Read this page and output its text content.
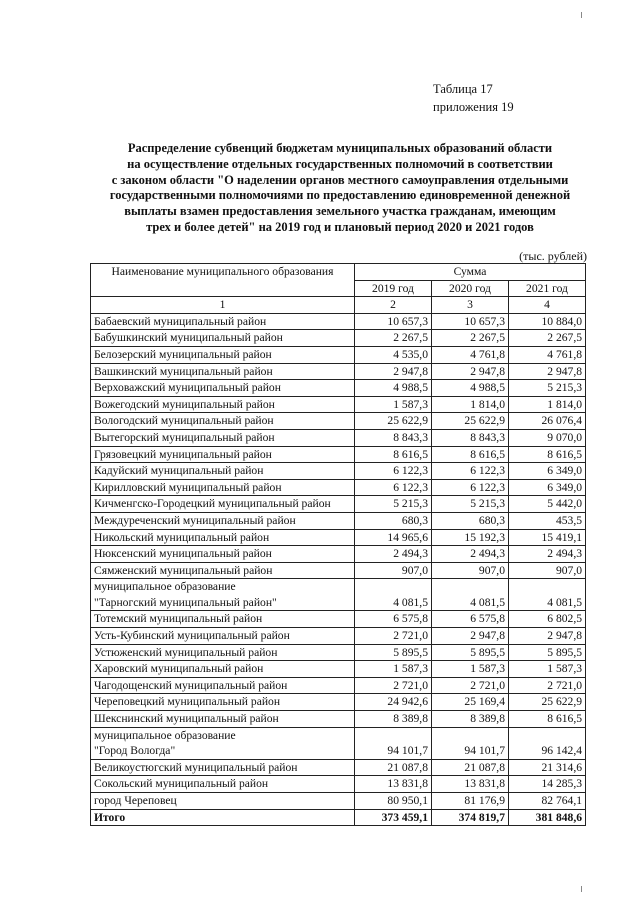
Таблица 17
приложения 19
Распределение субвенций бюджетам муниципальных образований области
на осуществление отдельных государственных полномочий в соответствии
с законом области "О наделении органов местного самоуправления отдельными
государственными полномочиями по предоставлению единовременной денежной
выплаты взамен предоставления земельного участка гражданам, имеющим
трех и более детей" на 2019 год и плановый период 2020 и 2021 годов
(тыс. рублей)
Наименование муниципального образования	Сумма		
	2019 год	2020 год	2021 год
1	2	3	4
Бабаевский муниципальный район	10 657,3	10 657,3	10 884,0
Бабушкинский муниципальный район	2 267,5	2 267,5	2 267,5
Белозерский муниципальный район	4 535,0	4 761,8	4 761,8
Вашкинский муниципальный район	2 947,8	2 947,8	2 947,8
Верховажский муниципальный район	4 988,5	4 988,5	5 215,3
Вожегодский муниципальный район	1 587,3	1 814,0	1 814,0
Вологодский муниципальный район	25 622,9	25 622,9	26 076,4
Вытегорский муниципальный район	8 843,3	8 843,3	9 070,0
Грязовецкий муниципальный район	8 616,5	8 616,5	8 616,5
Кадуйский муниципальный район	6 122,3	6 122,3	6 349,0
Кирилловский муниципальный район	6 122,3	6 122,3	6 349,0
Кичменгско-Городецкий муниципальный район	5 215,3	5 215,3	5 442,0
Междуреченский муниципальный район	680,3	680,3	453,5
Никольский муниципальный район	14 965,6	15 192,3	15 419,1
Нюксенский муниципальный район	2 494,3	2 494,3	2 494,3
Сямженский муниципальный район	907,0	907,0	907,0

муниципальное образование
"Тарногский муниципальный район"	4 081,5	4 081,5	4 081,5
Тотемский муниципальный район	6 575,8	6 575,8	6 802,5
Усть-Кубинский муниципальный район	2 721,0	2 947,8	2 947,8
Устюженский муниципальный район	5 895,5	5 895,5	5 895,5
Харовский муниципальный район	1 587,3	1 587,3	1 587,3
Чагодощенский муниципальный район	2 721,0	2 721,0	2 721,0
Череповецкий муниципальный район	24 942,6	25 169,4	25 622,9
Шекснинский муниципальный район	8 389,8	8 389,8	8 616,5

муниципальное образование
"Город Вологда"	94 101,7	94 101,7	96 142,4
Великоустюгский муниципальный район	21 087,8	21 087,8	21 314,6
Сокольский муниципальный район	13 831,8	13 831,8	14 285,3
город Череповец	80 950,1	81 176,9	82 764,1
Итого	373 459,1	374 819,7	381 848,6
